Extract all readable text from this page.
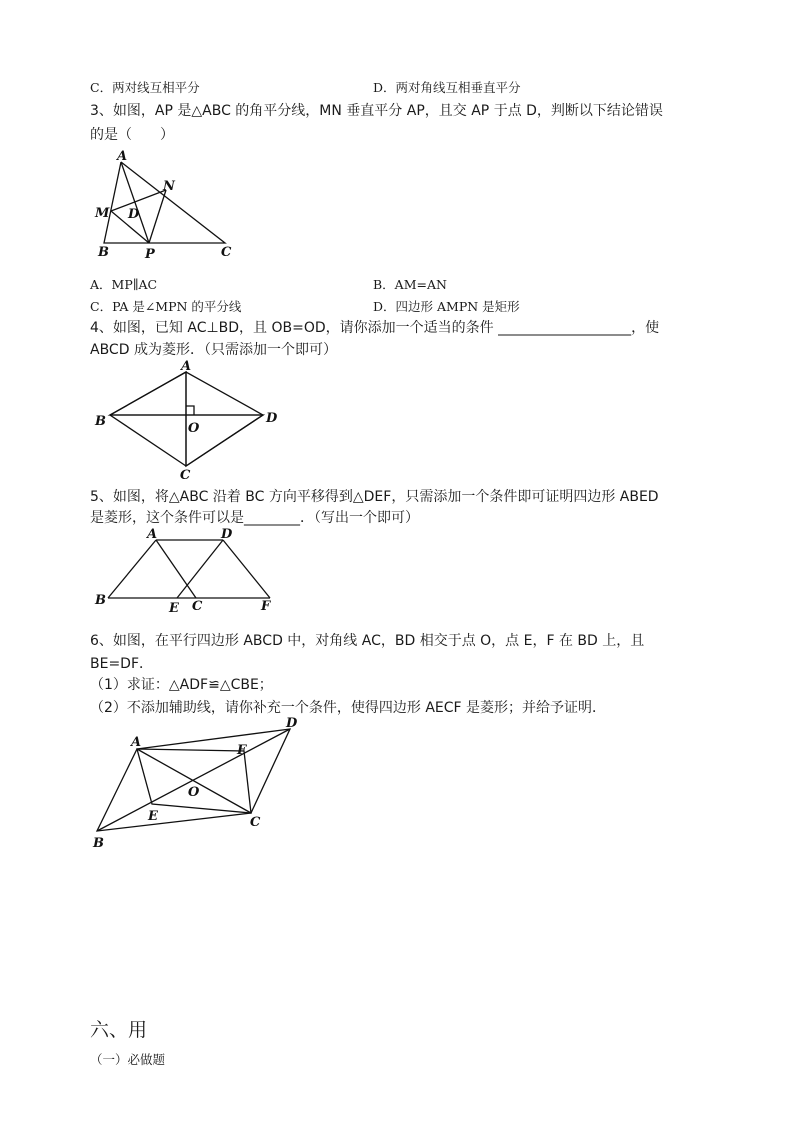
C．两对线互相平分	D．两对角线互相垂直平分
3、如图，AP 是△ABC 的角平分线，MN 垂直平分 AP，且交 AP 于点 D，判断以下结论错误
的是（　　）
A
N
M D
B	P	C
A．MP∥AC	B．AM=AN
C．PA 是∠MPN 的平分线	D．四边形 AMPN 是矩形
4、如图，已知 AC⊥BD，且 OB=OD，请你添加一个适当的条件 ___________________，使
ABCD 成为菱形．（只需添加一个即可）
A
B	O
D
C
5、如图，将△ABC 沿着 BC 方向平移得到△DEF，只需添加一个条件即可证明四边形 ABED
是菱形，这个条件可以是________．（写出一个即可）
A	D
B
E C	F
6、如图，在平行四边形 ABCD 中，对角线 AC，BD 相交于点 O，点 E，F 在 BD 上，且
BE=DF．
（1）求证：△ADF≌△CBE；
（2）不添加辅助线，请你补充一个条件，使得四边形 AECF 是菱形；并给予证明．
A
F
D
O
E	C
B
六、用
（一）必做题
